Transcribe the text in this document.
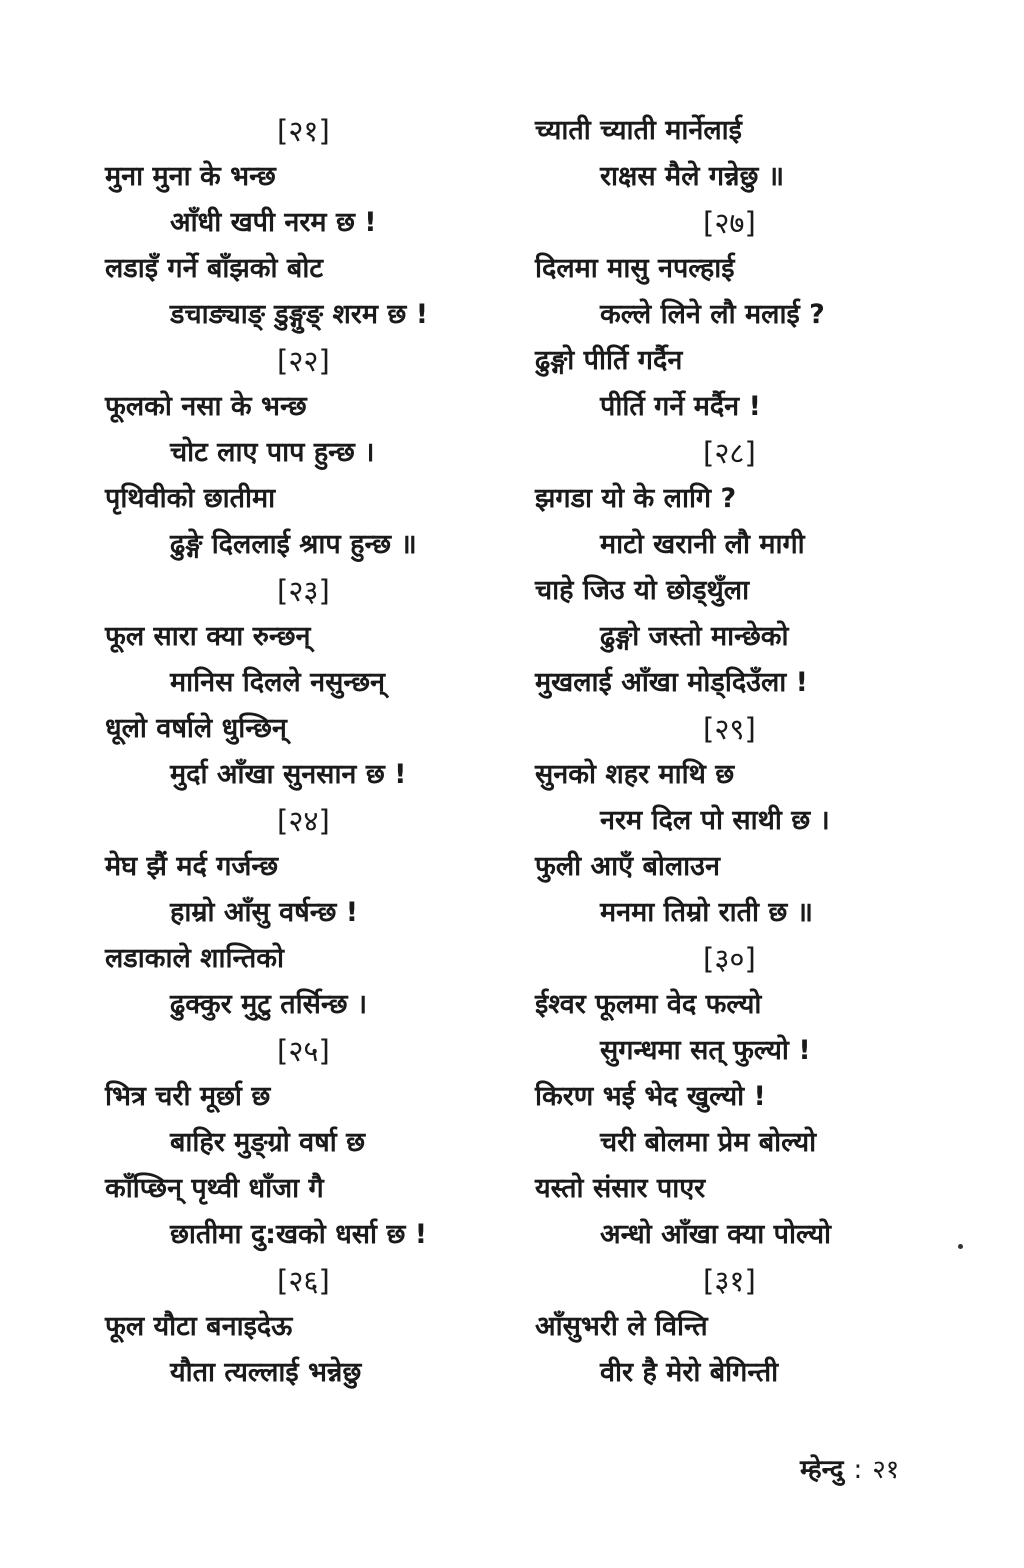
[२१]
मुना मुना के भन्छ
आँधी खपी नरम छ !
लडाइँ गर्ने बाँझको बोट
डचाङ्याङ् डुङ्गुङ् शरम छ !
[२२]
फूलको नसा के भन्छ
चोट लाए पाप हुन्छ ।
पृथिवीको छातीमा
ढुङ्गे दिललाई श्राप हुन्छ ॥
[२३]
फूल सारा क्या रुन्छन्
मानिस दिलले नसुन्छन्
धूलो वर्षाले धुन्छिन्
मुर्दा आँखा सुनसान छ !
[२४]
मेघ झैं मर्द गर्जन्छ
हाम्रो आँसु वर्षन्छ !
लडाकाले शान्तिको
ढुक्कुर मुटु तर्सिन्छ ।
[२५]
भित्र चरी मूर्छा छ
बाहिर मुङ्ग्रो वर्षा छ
काँप्छिन् पृथ्वी धाँजा गै
छातीमा दु:खको धर्सा छ !
[२६]
फूल यौटा बनाइदेऊ
यौता त्यल्लाई भन्नेछु
च्याती च्याती मार्नेलाई
राक्षस मैले गन्नेछु ॥
[२७]
दिलमा मासु नपल्हाई
कल्ले लिने लौ मलाई ?
ढुङ्गो पीर्ति गर्दैन
पीर्ति गर्ने मर्दैन !
[२८]
झगडा यो के लागि ?
माटो खरानी लौ मागी
चाहे जिउ यो छोड्थुँला
ढुङ्गो जस्तो मान्छेको
मुखलाई आँखा मोड्दिउँला !
[२९]
सुनको शहर माथि छ
नरम दिल पो साथी छ ।
फुली आएँ बोलाउन
मनमा तिम्रो राती छ ॥
[३०]
ईश्वर फूलमा वेद फल्यो
सुगन्धमा सत् फुल्यो !
किरण भई भेद खुल्यो !
चरी बोलमा प्रेम बोल्यो
यस्तो संसार पाएर
अन्धो आँखा क्या पोल्यो
[३१]
आँसुभरी ले विन्ति
वीर है मेरो बेगिन्ती
म्हेन्दु : २१
